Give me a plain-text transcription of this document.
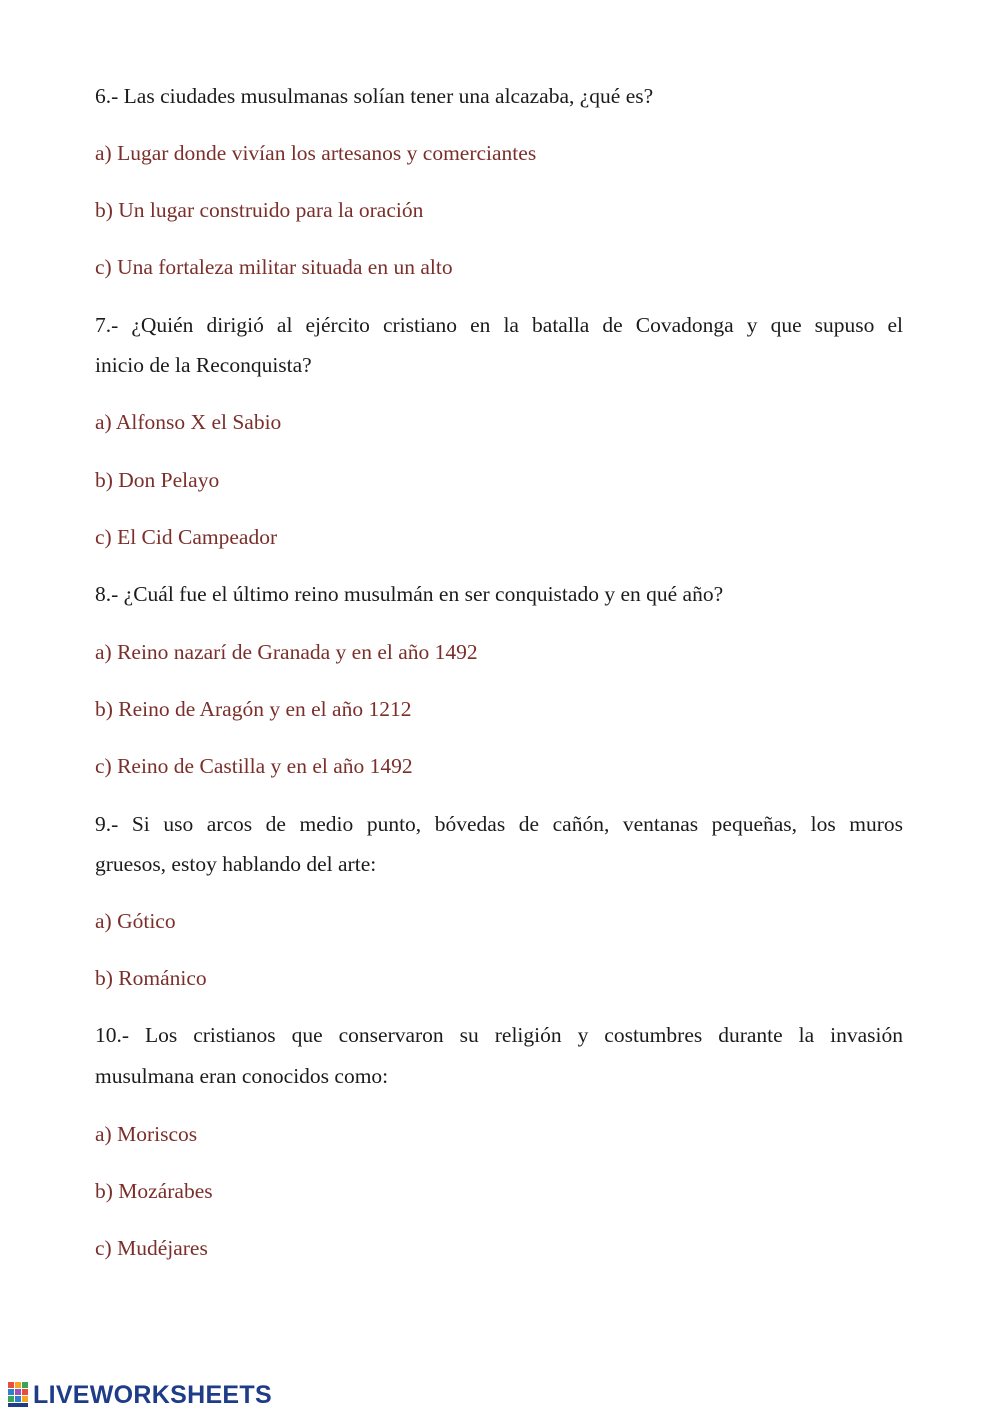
6.- Las ciudades musulmanas solían tener una alcazaba, ¿qué es?
a) Lugar donde vivían los artesanos y comerciantes
b) Un lugar construido para la oración
c) Una fortaleza militar situada en un alto
7.- ¿Quién dirigió al ejército cristiano en la batalla de Covadonga y que supuso el
inicio de la Reconquista?
a) Alfonso X el Sabio
b) Don Pelayo
c) El Cid Campeador
8.- ¿Cuál fue el último reino musulmán en ser conquistado y en qué año?
a) Reino nazarí de Granada y en el año 1492
b) Reino de Aragón y en el año 1212
c) Reino de Castilla y en el año 1492
9.- Si uso arcos de medio punto, bóvedas de cañón, ventanas pequeñas, los muros
gruesos, estoy hablando del arte:
a) Gótico
b) Románico
10.- Los cristianos que conservaron su religión y costumbres durante la invasión
musulmana eran conocidos como:
a) Moriscos
b) Mozárabes
c) Mudéjares
LIVEWORKSHEETS
